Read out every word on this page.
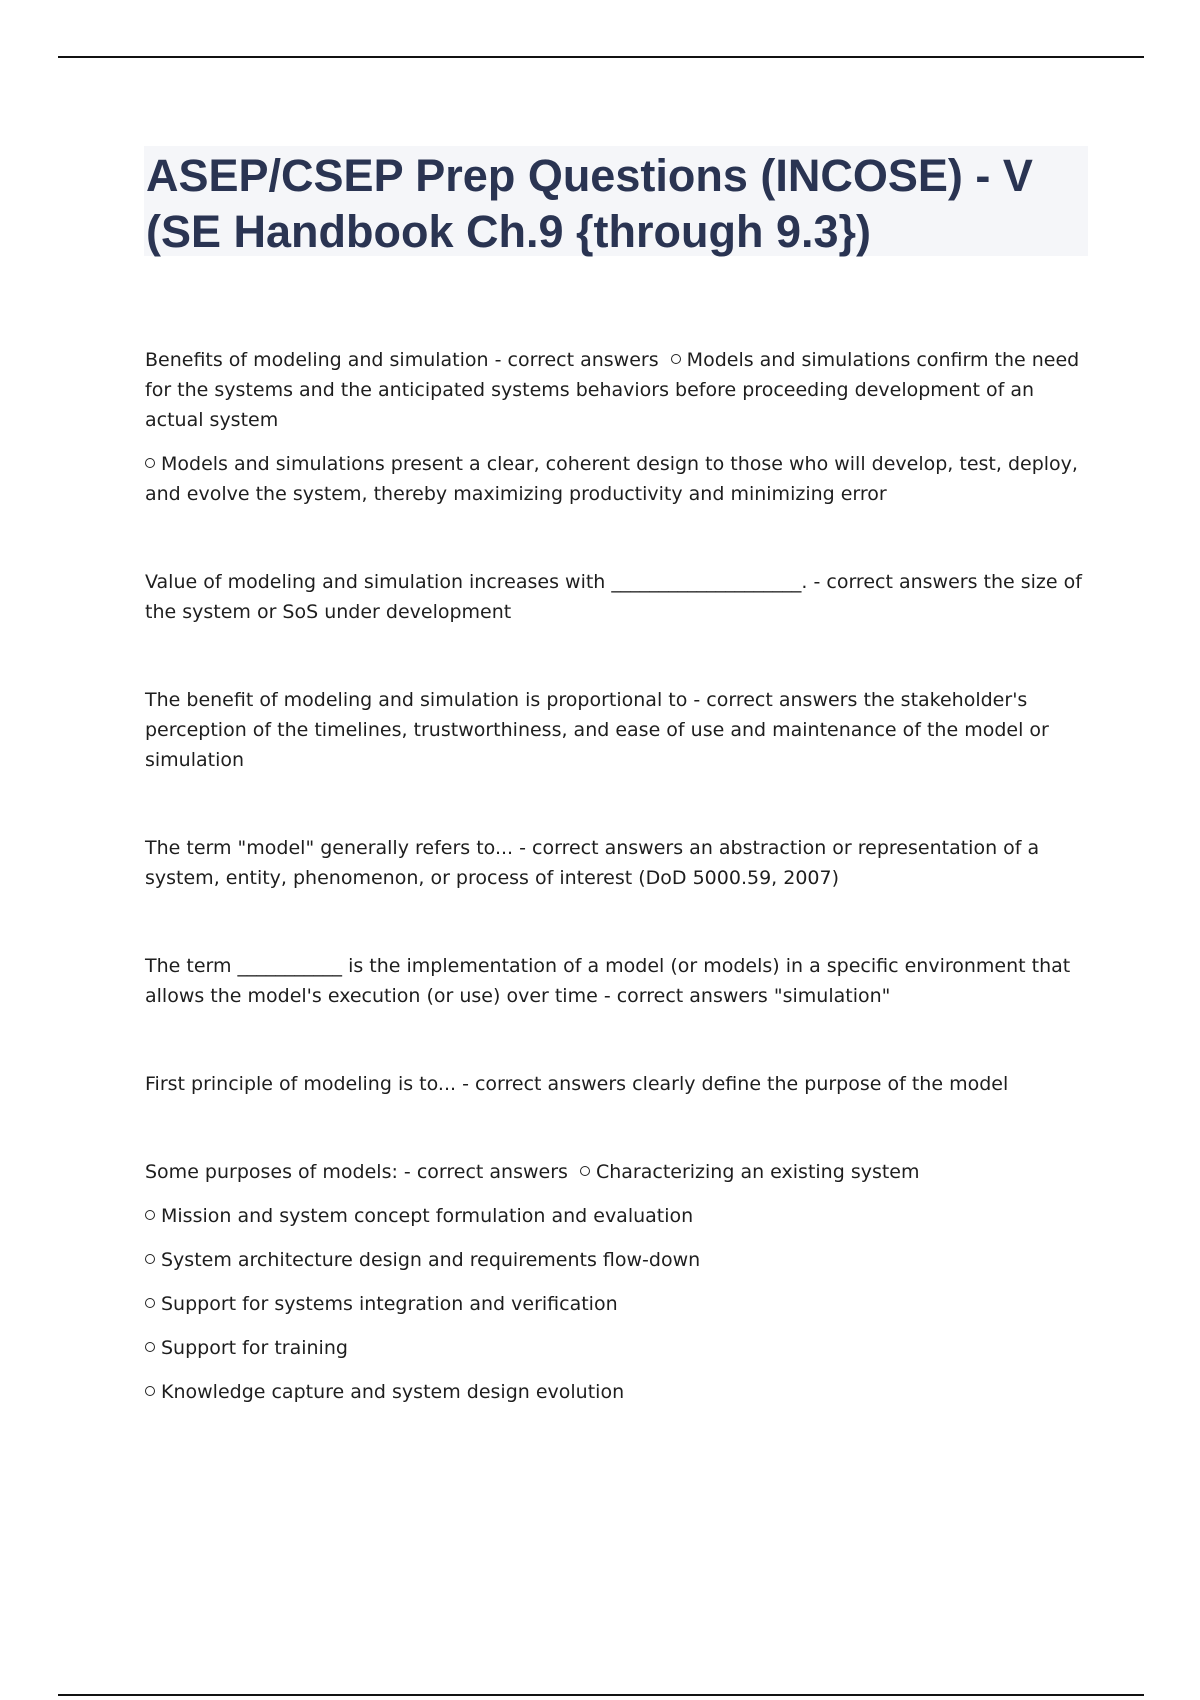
ASEP/CSEP Prep Questions (INCOSE) - V (SE Handbook Ch.9 {through 9.3})

Benefits of modeling and simulation - correct answers Models and simulations confirm the need for the systems and the anticipated systems behaviors before proceeding development of an actual system

Models and simulations present a clear, coherent design to those who will develop, test, deploy, and evolve the system, thereby maximizing productivity and minimizing error

Value of modeling and simulation increases with ____________________. - correct answers the size of the system or SoS under development

The benefit of modeling and simulation is proportional to - correct answers the stakeholder's perception of the timelines, trustworthiness, and ease of use and maintenance of the model or simulation

The term "model" generally refers to... - correct answers an abstraction or representation of a system, entity, phenomenon, or process of interest (DoD 5000.59, 2007)

The term ___________ is the implementation of a model (or models) in a specific environment that allows the model's execution (or use) over time - correct answers "simulation"

First principle of modeling is to... - correct answers clearly define the purpose of the model

Some purposes of models: - correct answers Characterizing an existing system

Mission and system concept formulation and evaluation

System architecture design and requirements flow-down

Support for systems integration and verification

Support for training

Knowledge capture and system design evolution
